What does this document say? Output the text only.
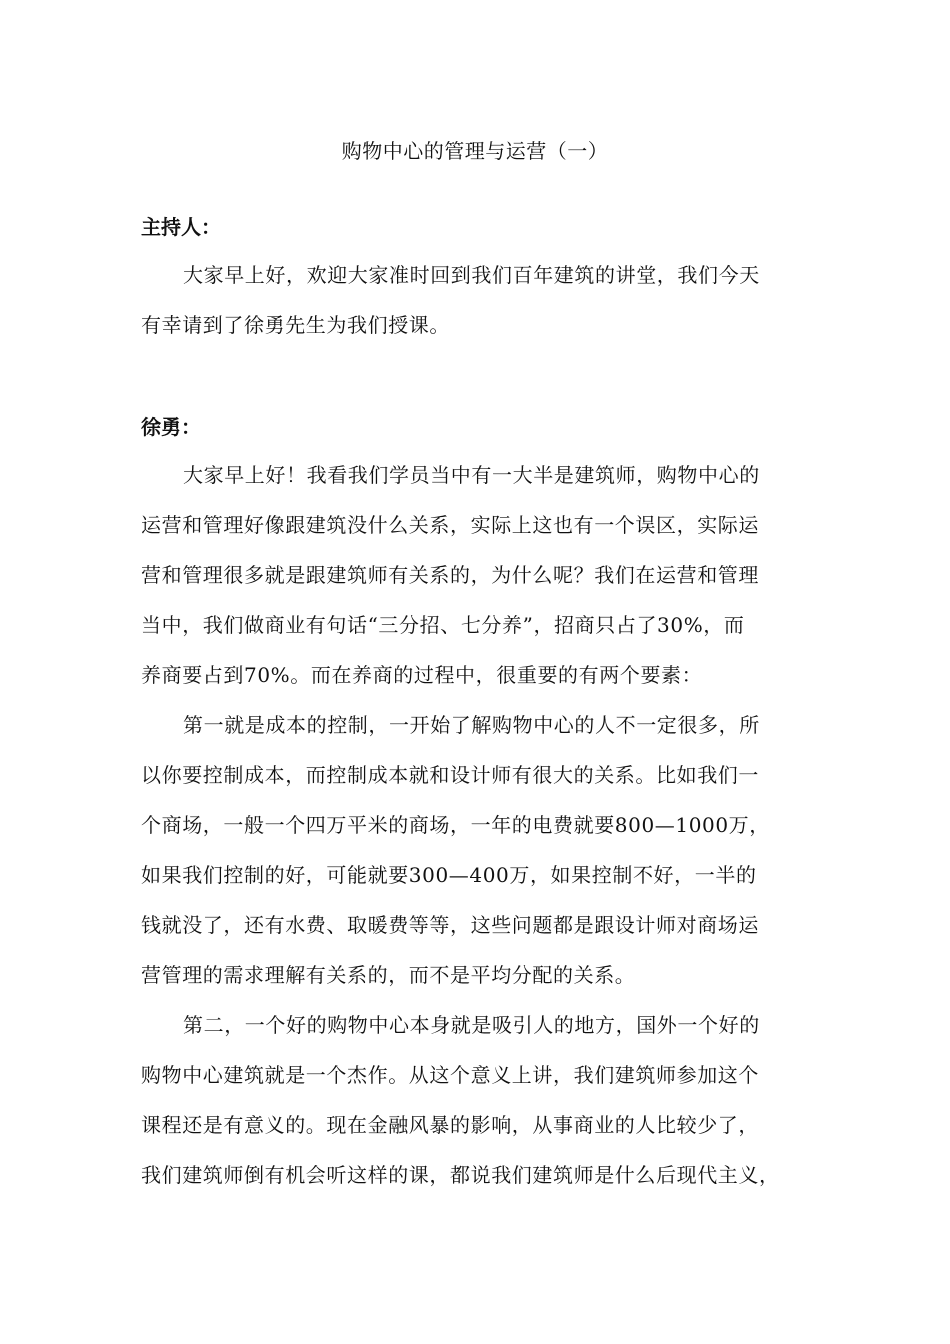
购物中心的管理与运营（一）
主持人：
大家早上好，欢迎大家准时回到我们百年建筑的讲堂，我们今天
有幸请到了徐勇先生为我们授课。
徐勇：
大家早上好！我看我们学员当中有一大半是建筑师，购物中心的
运营和管理好像跟建筑没什么关系，实际上这也有一个误区，实际运
营和管理很多就是跟建筑师有关系的，为什么呢？我们在运营和管理
当中，我们做商业有句话“三分招、七分养”，招商只占了30%，而
养商要占到70%。而在养商的过程中，很重要的有两个要素：
第一就是成本的控制，一开始了解购物中心的人不一定很多，所
以你要控制成本，而控制成本就和设计师有很大的关系。比如我们一
个商场，一般一个四万平米的商场，一年的电费就要800—1000万，
如果我们控制的好，可能就要300—400万，如果控制不好，一半的
钱就没了，还有水费、取暖费等等，这些问题都是跟设计师对商场运
营管理的需求理解有关系的，而不是平均分配的关系。
第二，一个好的购物中心本身就是吸引人的地方，国外一个好的
购物中心建筑就是一个杰作。从这个意义上讲，我们建筑师参加这个
课程还是有意义的。现在金融风暴的影响，从事商业的人比较少了，
我们建筑师倒有机会听这样的课，都说我们建筑师是什么后现代主义，
